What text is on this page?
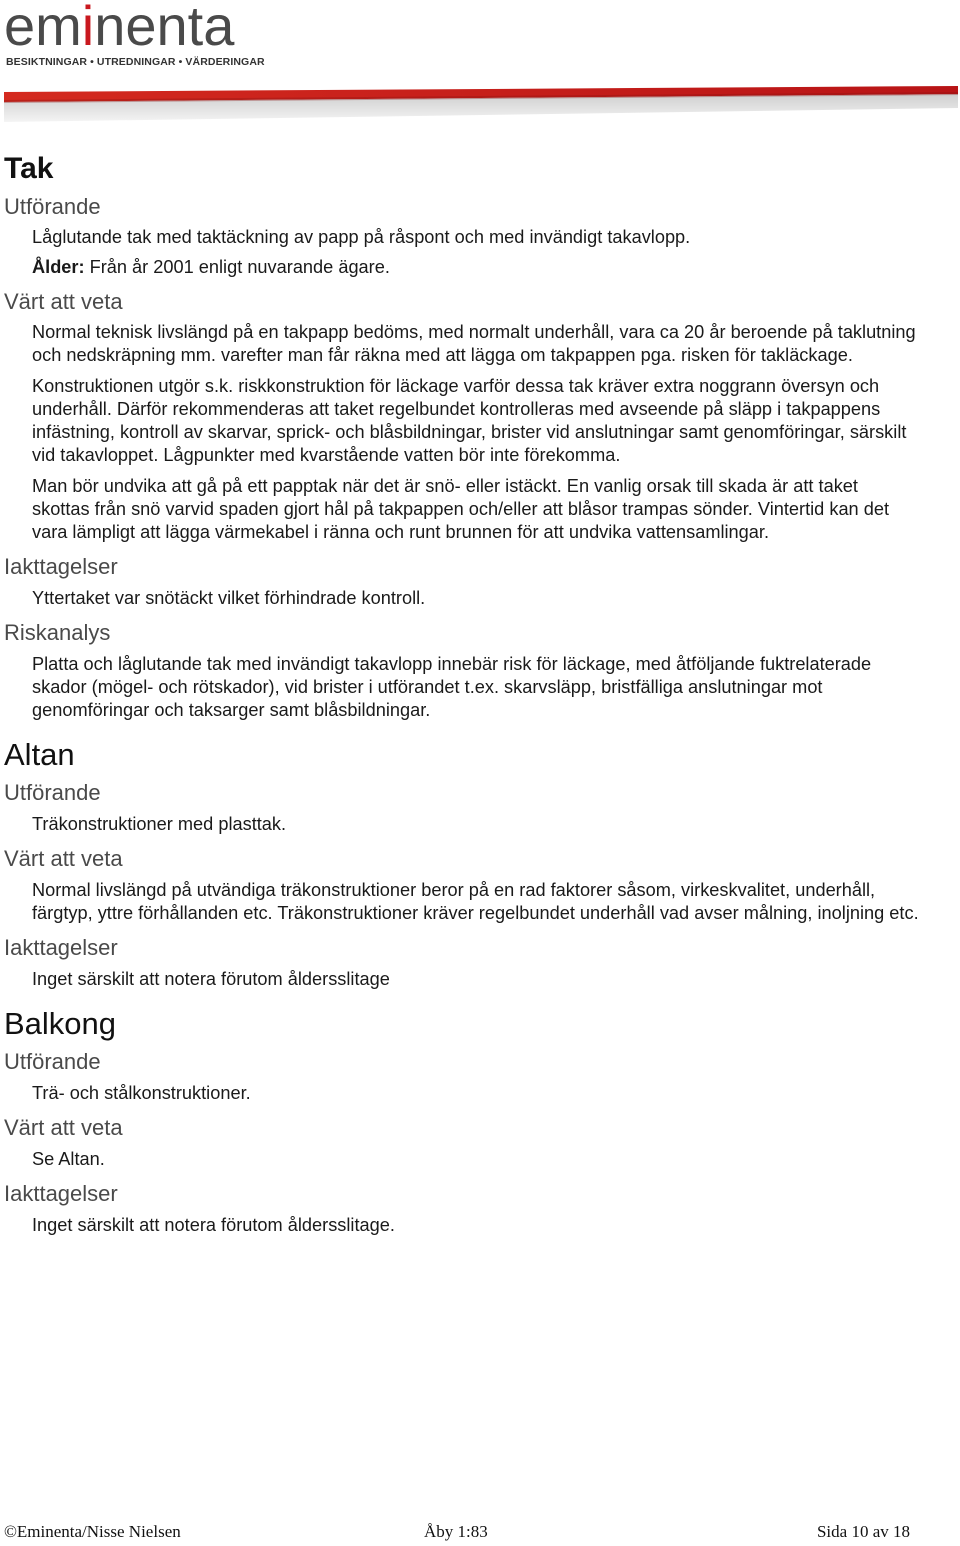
eminenta
BESIKTNINGAR • UTREDNINGAR • VÄRDERINGAR
Tak
Utförande

Låglutande tak med taktäckning av papp på råspont och med invändigt takavlopp.

Ålder: Från år 2001 enligt nuvarande ägare.

Värt att veta

Normal teknisk livslängd på en takpapp bedöms, med normalt underhåll, vara ca 20 år beroende på taklutning och nedskräpning mm. varefter man får räkna med att lägga om takpappen pga. risken för takläckage.

Konstruktionen utgör s.k. riskkonstruktion för läckage varför dessa tak kräver extra noggrann översyn och underhåll. Därför rekommenderas att taket regelbundet kontrolleras med avseende på släpp i takpappens infästning, kontroll av skarvar, sprick- och blåsbildningar, brister vid anslutningar samt genomföringar, särskilt vid takavloppet. Lågpunkter med kvarstående vatten bör inte förekomma.

Man bör undvika att gå på ett papptak när det är snö- eller istäckt. En vanlig orsak till skada är att taket skottas från snö varvid spaden gjort hål på takpappen och/eller att blåsor trampas sönder. Vintertid kan det vara lämpligt att lägga värmekabel i ränna och runt brunnen för att undvika vattensamlingar.

Iakttagelser

Yttertaket var snötäckt vilket förhindrade kontroll.

Riskanalys

Platta och låglutande tak med invändigt takavlopp innebär risk för läckage, med åtföljande fuktrelaterade skador (mögel- och rötskador), vid brister i utförandet t.ex. skarvsläpp, bristfälliga anslutningar mot genomföringar och taksarger samt blåsbildningar.

Altan
Utförande

Träkonstruktioner med plasttak.

Värt att veta

Normal livslängd på utvändiga träkonstruktioner beror på en rad faktorer såsom, virkeskvalitet, underhåll, färgtyp, yttre förhållanden etc. Träkonstruktioner kräver regelbundet underhåll vad avser målning, inoljning etc.

Iakttagelser

Inget särskilt att notera förutom åldersslitage

Balkong
Utförande

Trä- och stålkonstruktioner.

Värt att veta

Se Altan.

Iakttagelser

Inget särskilt att notera förutom åldersslitage.

©Eminenta/Nisse Nielsen	Åby 1:83	Sida 10 av 18
